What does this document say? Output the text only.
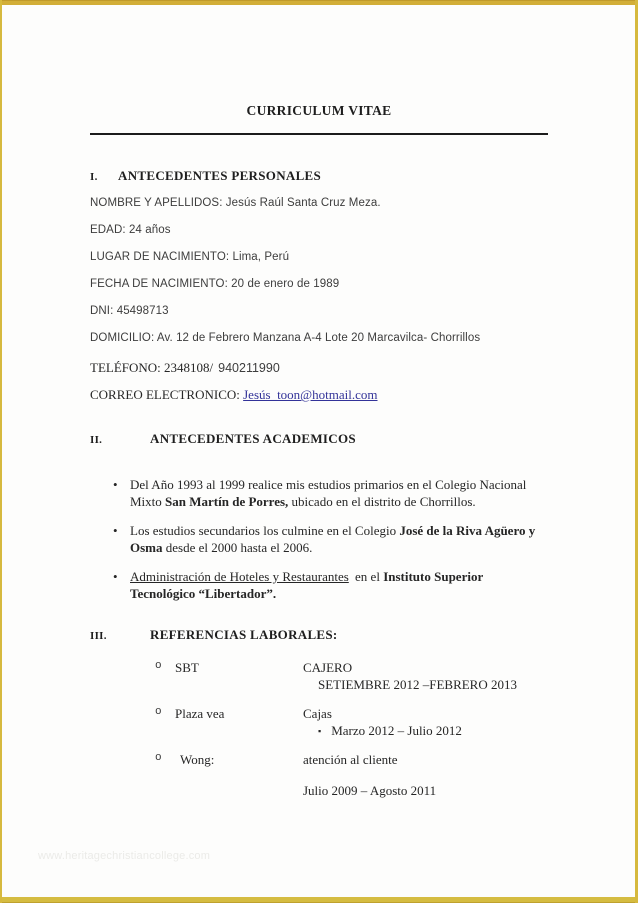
CURRICULUM VITAE
I. ANTECEDENTES PERSONALES
NOMBRE Y APELLIDOS: Jesús Raúl Santa Cruz Meza.
EDAD: 24 años
LUGAR DE NACIMIENTO: Lima, Perú
FECHA DE NACIMIENTO: 20 de enero de 1989
DNI: 45498713
DOMICILIO: Av. 12 de Febrero Manzana A-4 Lote 20 Marcavilca- Chorrillos
TELÉFONO: 2348108/ 940211990
CORREO ELECTRONICO: Jesús_toon@hotmail.com
II.	ANTECEDENTES ACADEMICOS
• Del Año 1993 al 1999 realice mis estudios primarios en el Colegio Nacional Mixto San Martín de Porres, ubicado en el distrito de Chorrillos.
• Los estudios secundarios los culmine en el Colegio José de la Riva Agüero y Osma desde el 2000 hasta el 2006.
• Administración de Hoteles y Restaurantes en el Instituto Superior Tecnológico “Libertador”.
III.	REFERENCIAS LABORALES:
o SBT	CAJERO
SETIEMBRE 2012 –FEBRERO 2013
o Plaza vea	Cajas
▪ Marzo 2012 – Julio 2012
o Wong:	atención al cliente
Julio 2009 – Agosto 2011
www.heritagechristiancollege.com
